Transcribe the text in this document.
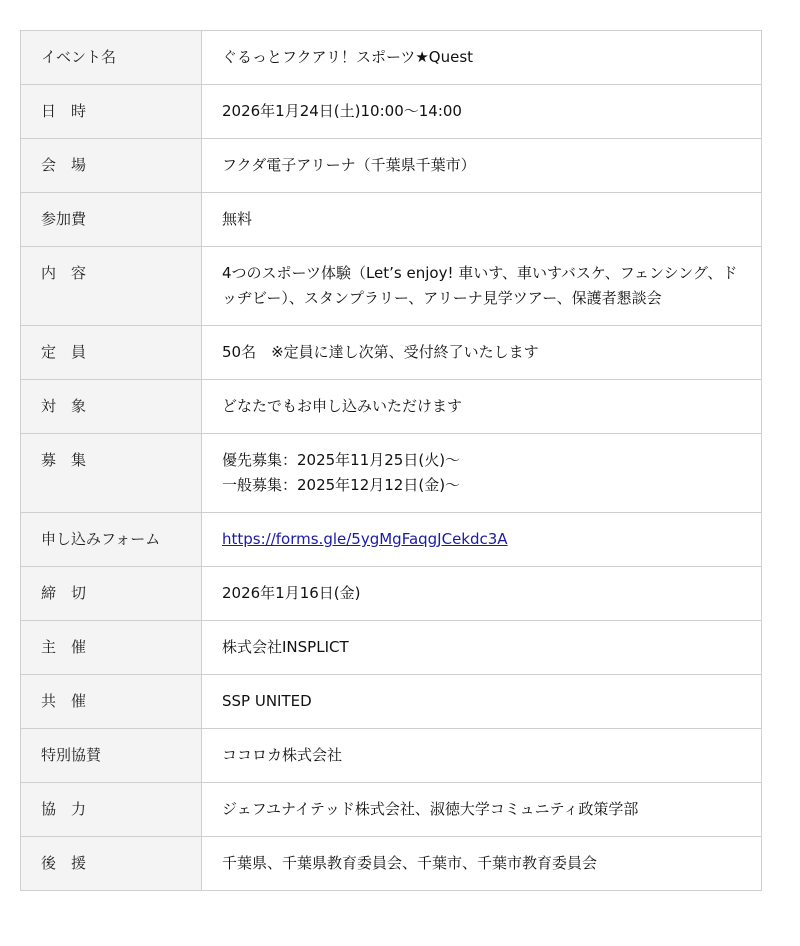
イベント名	ぐるっとフクアリ！スポーツ★Quest
日　時	2026年1月24日(土)10:00〜14:00
会　場	フクダ電子アリーナ（千葉県千葉市）
参加費	無料
内　容	4つのスポーツ体験（Let’s enjoy! 車いす、車いすバスケ、フェンシング、ドッヂビー）、スタンプラリー、アリーナ見学ツアー、保護者懇談会
定　員	50名　※定員に達し次第、受付終了いたします
対　象	どなたでもお申し込みいただけます
募　集	優先募集：2025年11月25日(火)〜
一般募集：2025年12月12日(金)〜

申し込みフォーム	https://forms.gle/5ygMgFaqgJCekdc3A
締　切	2026年1月16日(金)
主　催	株式会社INSPLICT
共　催	SSP UNITED
特別協賛	ココロカ株式会社
協　力	ジェフユナイテッド株式会社、淑徳大学コミュニティ政策学部
後　援	千葉県、千葉県教育委員会、千葉市、千葉市教育委員会
